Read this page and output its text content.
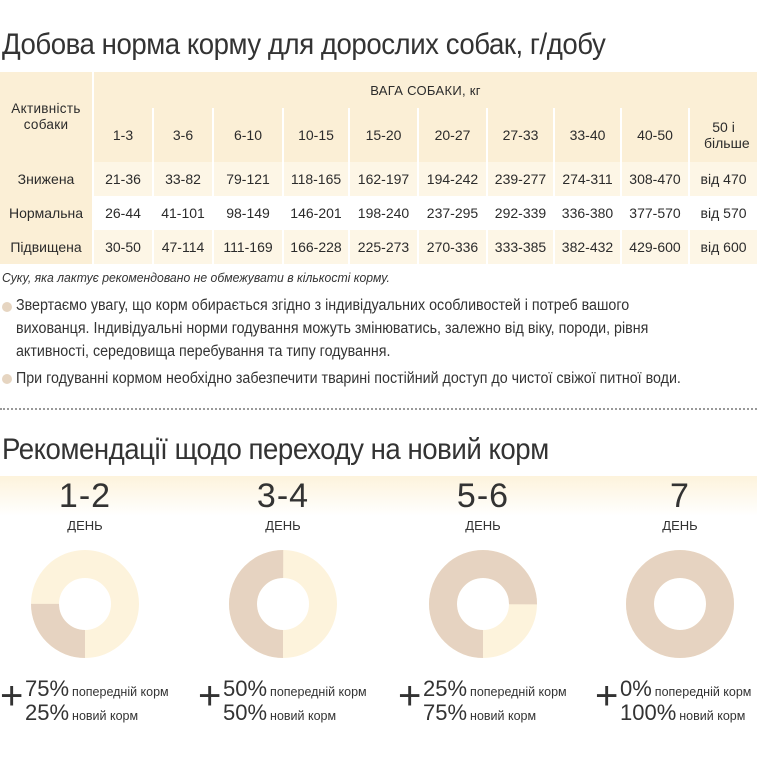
Добова норма корму для дорослих собак, г/добу
Активність собаки	ВАГА СОБАКИ, кг									
	1-3	3-6	6-10	10-15	15-20	20-27	27-33	33-40	40-50	50 і більше
Знижена	21-36	33-82	79-121	118-165	162-197	194-242	239-277	274-311	308-470	від 470
Нормальна	26-44	41-101	98-149	146-201	198-240	237-295	292-339	336-380	377-570	від 570
Підвищена	30-50	47-114	111-169	166-228	225-273	270-336	333-385	382-432	429-600	від 600
Суку, яка лактує рекомендовано не обмежувати в кількості корму.
Звертаємо увагу, що корм обирається згідно з індивідуальних особливостей і потреб вашого
вихованця. Індивідуальні норми годування можуть змінюватись, залежно від віку, породи, рівня
активності, середовища перебування та типу годування.
При годуванні кормом необхідно забезпечити тварині постійний доступ до чистої свіжої питної води.
Рекомендації щодо переходу на новий корм
1-2
ДЕНЬ
3-4
ДЕНЬ
5-6
ДЕНЬ
7
ДЕНЬ
+ 75% попередній корм
25% новий корм + 50% попередній корм
50% новий корм + 25% попередній корм
75% новий корм + 0% попередній корм
100% новий корм
